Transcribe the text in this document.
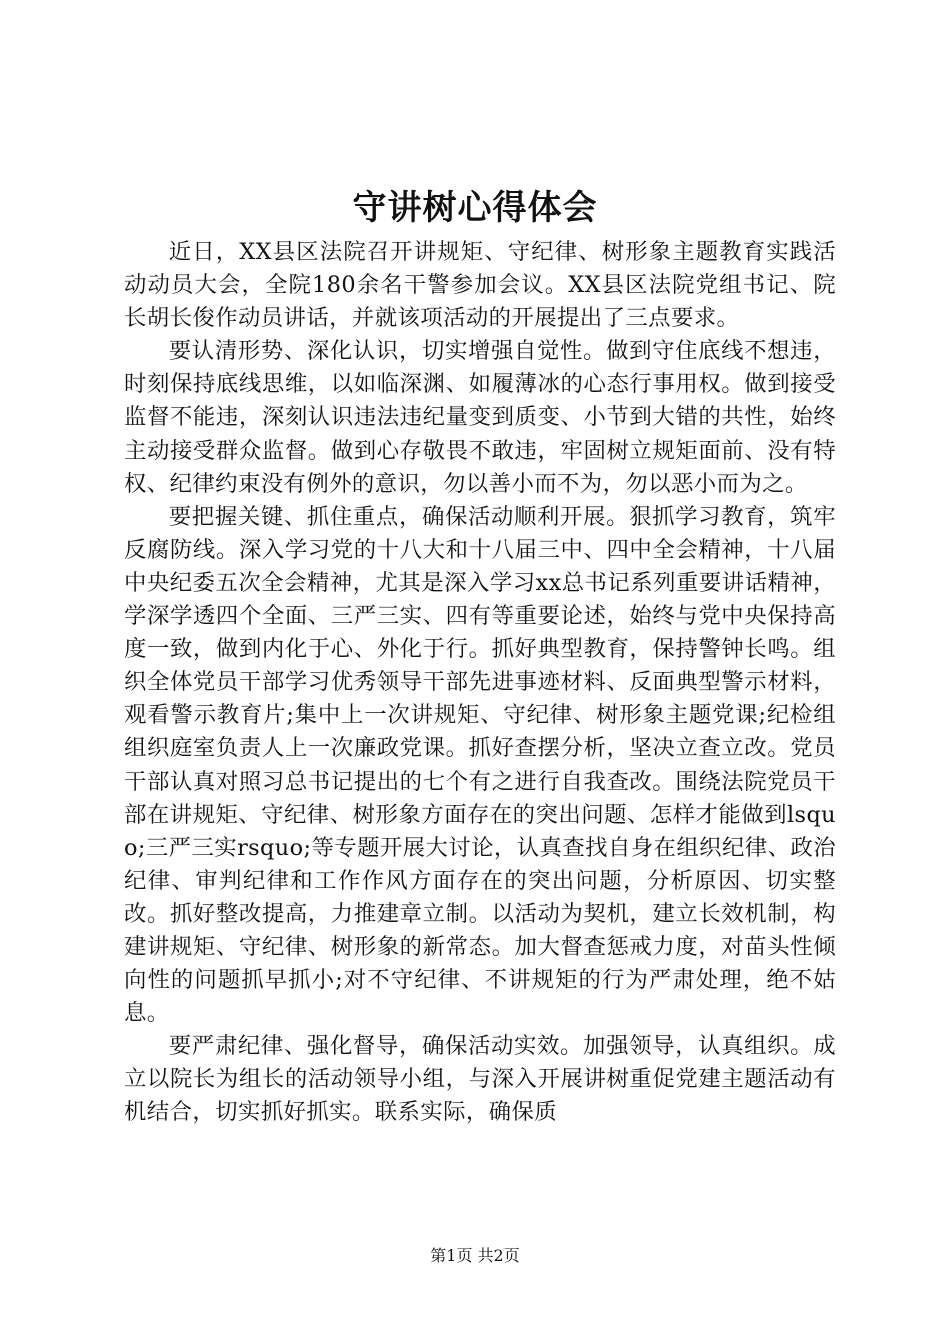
守讲树心得体会

近日，XX县区法院召开讲规矩、守纪律、树形象主题教育实践活动动员大会，全院180余名干警参加会议。XX县区法院党组书记、院长胡长俊作动员讲话，并就该项活动的开展提出了三点要求。

要认清形势、深化认识，切实增强自觉性。做到守住底线不想违，时刻保持底线思维，以如临深渊、如履薄冰的心态行事用权。做到接受监督不能违，深刻认识违法违纪量变到质变、小节到大错的共性，始终主动接受群众监督。做到心存敬畏不敢违，牢固树立规矩面前、没有特权、纪律约束没有例外的意识，勿以善小而不为，勿以恶小而为之。

要把握关键、抓住重点，确保活动顺利开展。狠抓学习教育，筑牢反腐防线。深入学习党的十八大和十八届三中、四中全会精神，十八届中央纪委五次全会精神，尤其是深入学习xx总书记系列重要讲话精神，学深学透四个全面、三严三实、四有等重要论述，始终与党中央保持高度一致，做到内化于心、外化于行。抓好典型教育，保持警钟长鸣。组织全体党员干部学习优秀领导干部先进事迹材料、反面典型警示材料，观看警示教育片;集中上一次讲规矩、守纪律、树形象主题党课;纪检组组织庭室负责人上一次廉政党课。抓好查摆分析，坚决立查立改。党员干部认真对照习总书记提出的七个有之进行自我查改。围绕法院党员干部在讲规矩、守纪律、树形象方面存在的突出问题、怎样才能做到lsquo;三严三实rsquo;等专题开展大讨论，认真查找自身在组织纪律、政治纪律、审判纪律和工作作风方面存在的突出问题，分析原因、切实整改。抓好整改提高，力推建章立制。以活动为契机，建立长效机制，构建讲规矩、守纪律、树形象的新常态。加大督查惩戒力度，对苗头性倾向性的问题抓早抓小;对不守纪律、不讲规矩的行为严肃处理，绝不姑息。

要严肃纪律、强化督导，确保活动实效。加强领导，认真组织。成立以院长为组长的活动领导小组，与深入开展讲树重促党建主题活动有机结合，切实抓好抓实。联系实际，确保质

第1页 共2页
